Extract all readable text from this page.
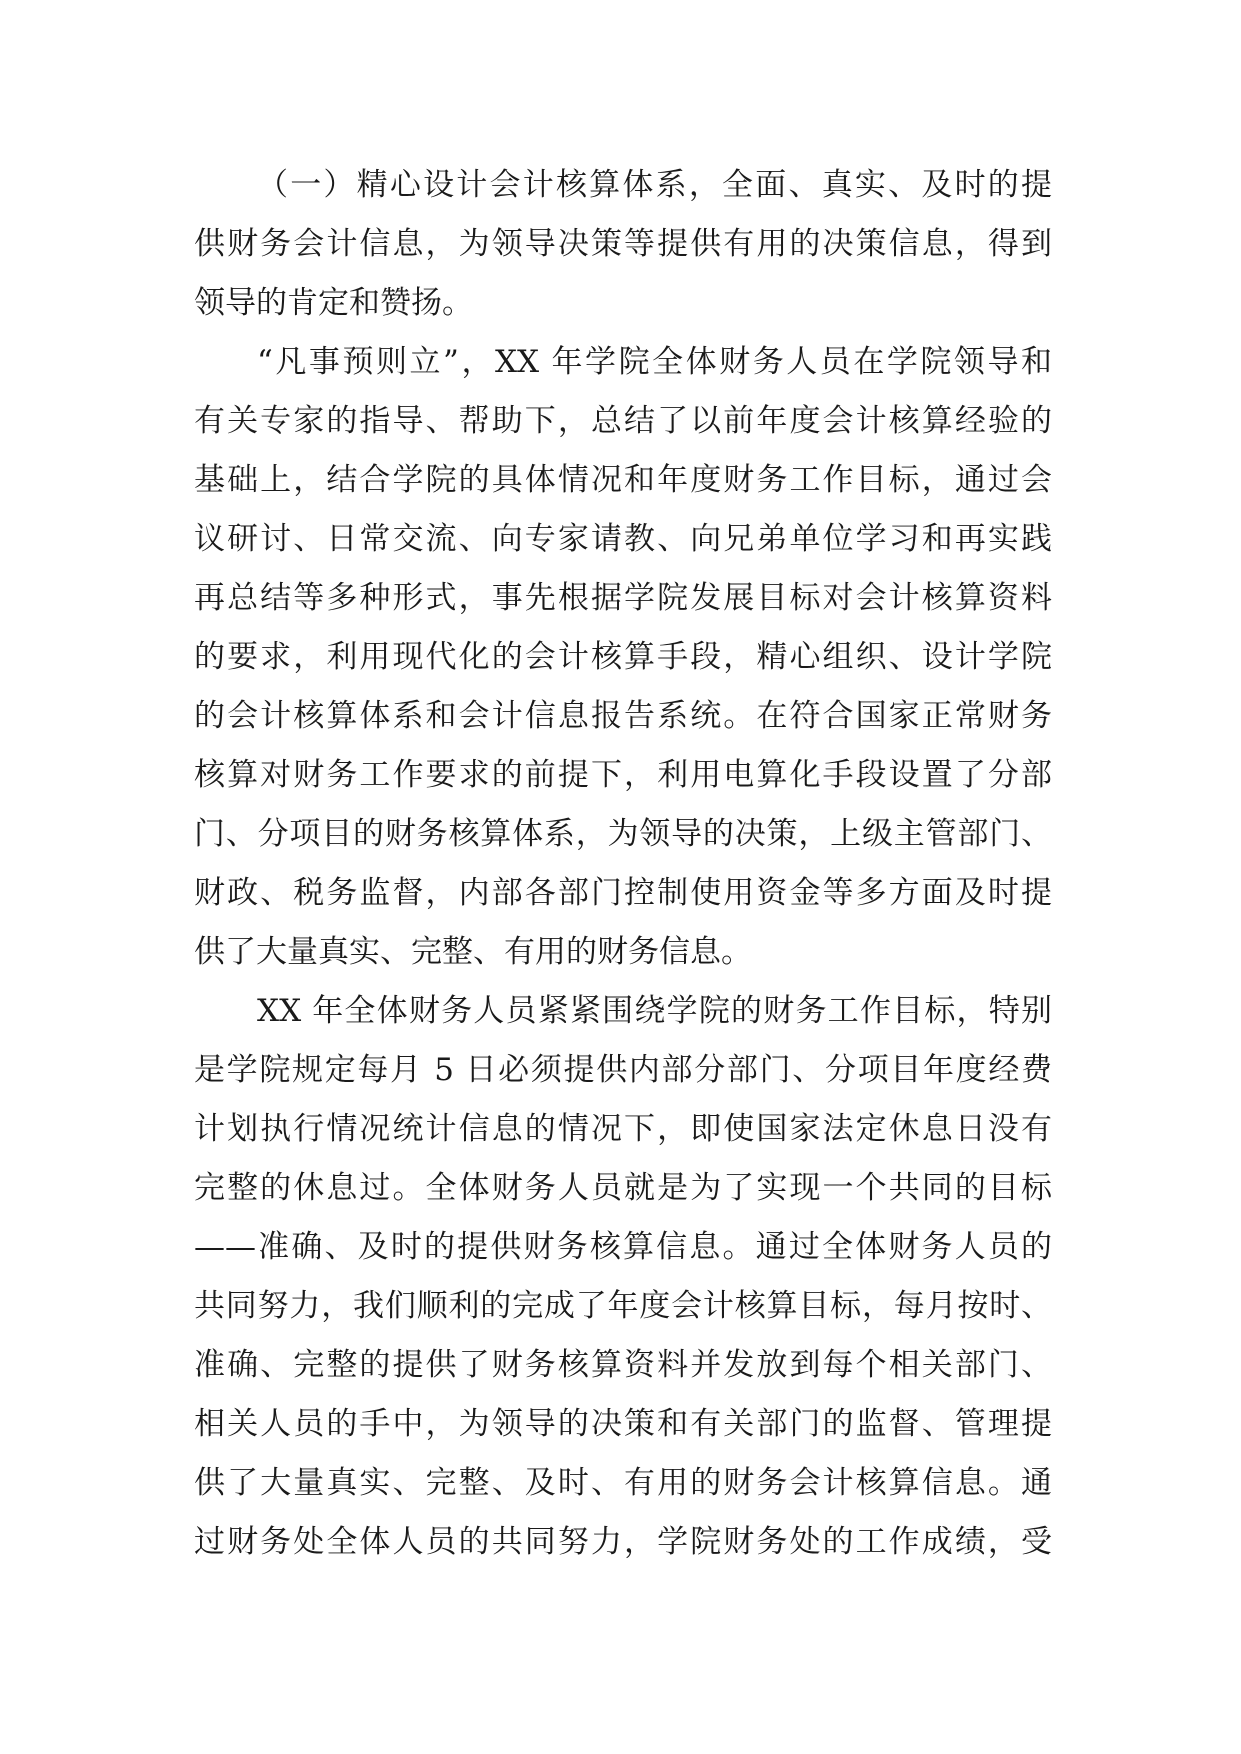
（一）精心设计会计核算体系，全面、真实、及时的提
供财务会计信息，为领导决策等提供有用的决策信息，得到
领导的肯定和赞扬。
“凡事预则立”，XX 年学院全体财务人员在学院领导和
有关专家的指导、帮助下，总结了以前年度会计核算经验的
基础上，结合学院的具体情况和年度财务工作目标，通过会
议研讨、日常交流、向专家请教、向兄弟单位学习和再实践
再总结等多种形式，事先根据学院发展目标对会计核算资料
的要求，利用现代化的会计核算手段，精心组织、设计学院
的会计核算体系和会计信息报告系统。在符合国家正常财务
核算对财务工作要求的前提下，利用电算化手段设置了分部
门、分项目的财务核算体系，为领导的决策，上级主管部门、
财政、税务监督，内部各部门控制使用资金等多方面及时提
供了大量真实、完整、有用的财务信息。
XX 年全体财务人员紧紧围绕学院的财务工作目标，特别
是学院规定每月 5 日必须提供内部分部门、分项目年度经费
计划执行情况统计信息的情况下，即使国家法定休息日没有
完整的休息过。全体财务人员就是为了实现一个共同的目标
——准确、及时的提供财务核算信息。通过全体财务人员的
共同努力，我们顺利的完成了年度会计核算目标，每月按时、
准确、完整的提供了财务核算资料并发放到每个相关部门、
相关人员的手中，为领导的决策和有关部门的监督、管理提
供了大量真实、完整、及时、有用的财务会计核算信息。通
过财务处全体人员的共同努力，学院财务处的工作成绩，受
